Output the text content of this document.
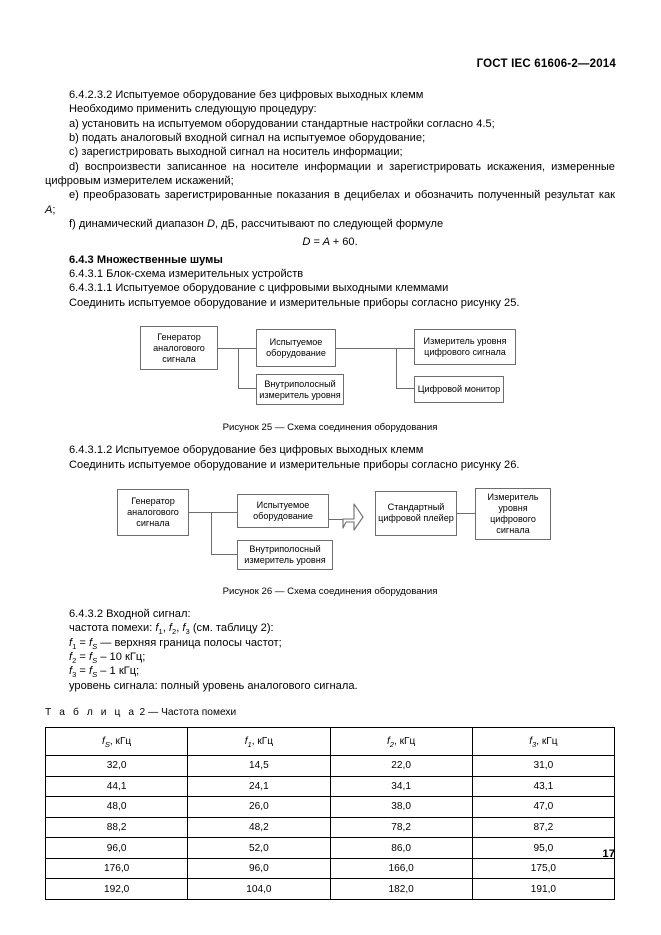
ГОСТ IEC 61606-2—2014

6.4.2.3.2 Испытуемое оборудование без цифровых выходных клемм

Необходимо применить следующую процедуру:

a) установить на испытуемом оборудовании стандартные настройки согласно 4.5;

b) подать аналоговый входной сигнал на испытуемое оборудование;

c) зарегистрировать выходной сигнал на носитель информации;

d) воспроизвести записанное на носителе информации и зарегистрировать искажения, измеренные цифровым измерителем искажений;

e) преобразовать зарегистрированные показания в децибелах и обозначить полученный результат как A;

f) динамический диапазон D, дБ, рассчитывают по следующей формуле

D = A + 60.

6.4.3 Множественные шумы

6.4.3.1 Блок-схема измерительных устройств

6.4.3.1.1 Испытуемое оборудование с цифровыми выходными клеммами

Соединить испытуемое оборудование и измерительные приборы согласно рисунку 25.

Генератор аналогового сигнала
Испытуемое оборудование
Внутриполосный измеритель уровня
Измеритель уровня цифрового сигнала
Цифровой монитор

Рисунок 25 — Схема соединения оборудования

6.4.3.1.2 Испытуемое оборудование без цифровых выходных клемм

Соединить испытуемое оборудование и измерительные приборы согласно рисунку 26.

Генератор аналогового сигнала
Испытуемое оборудование
Внутриполосный измеритель уровня
Стандартный цифровой плейер
Измеритель уровня цифрового сигнала

Рисунок 26 — Схема соединения оборудования

6.4.3.2 Входной сигнал:

частота помехи: $f_1$, $f_2$, $f_3$ (см. таблицу 2):

$f_1 = f_S$ — верхняя граница полосы частот;

$f_2 = f_S - 10$ кГц;

$f_3 = f_S - 1$ кГц;

уровень сигнала: полный уровень аналогового сигнала.

Т а б л и ц а 2 — Частота помехи

$f_S$, кГц	$f_1$, кГц	$f_2$, кГц	$f_3$, кГц
32,0	14,5	22,0	31,0
44,1	24,1	34,1	43,1
48,0	26,0	38,0	47,0
88,2	48,2	78,2	87,2
96,0	52,0	86,0	95,0
176,0	96,0	166,0	175,0
192,0	104,0	182,0	191,0
17
